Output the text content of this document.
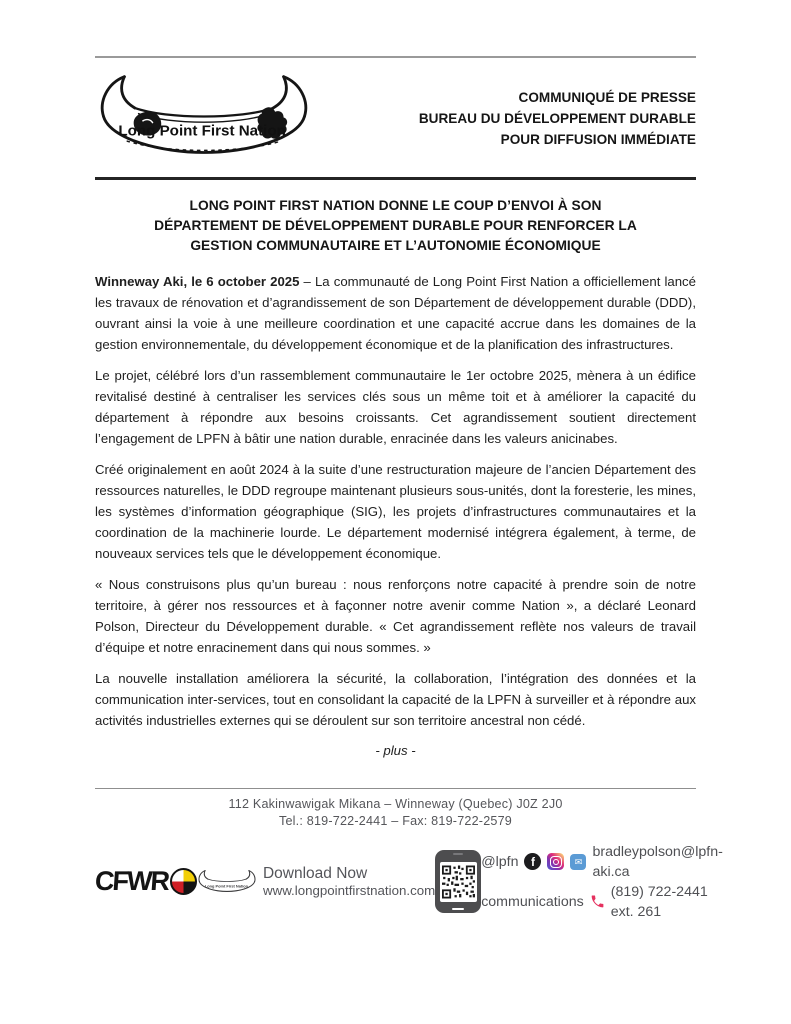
Long Point First Nation
COMMUNIQUÉ DE PRESSE
BUREAU DU DÉVELOPPEMENT DURABLE
POUR DIFFUSION IMMÉDIATE
LONG POINT FIRST NATION DONNE LE COUP D’ENVOI À SON
DÉPARTEMENT DE DÉVELOPPEMENT DURABLE POUR RENFORCER LA
GESTION COMMUNAUTAIRE ET L’AUTONOMIE ÉCONOMIQUE

Winneway Aki, le 6 october 2025 – La communauté de Long Point First Nation a officiellement lancé les travaux de rénovation et d’agrandissement de son Département de développement durable (DDD), ouvrant ainsi la voie à une meilleure coordination et une capacité accrue dans les domaines de la gestion environnementale, du développement économique et de la planification des infrastructures.

Le projet, célébré lors d’un rassemblement communautaire le 1er octobre 2025, mènera à un édifice revitalisé destiné à centraliser les services clés sous un même toit et à améliorer la capacité du département à répondre aux besoins croissants. Cet agrandissement soutient directement l’engagement de LPFN à bâtir une nation durable, enracinée dans les valeurs anicinabes.

Créé originalement en août 2024 à la suite d’une restructuration majeure de l’ancien Département des ressources naturelles, le DDD regroupe maintenant plusieurs sous-unités, dont la foresterie, les mines, les systèmes d’information géographique (SIG), les projets d’infrastructures communautaires et la coordination de la machinerie lourde. Le département modernisé intégrera également, à terme, de nouveaux services tels que le développement économique.

« Nous construisons plus qu’un bureau : nous renforçons notre capacité à prendre soin de notre territoire, à gérer nos ressources et à façonner notre avenir comme Nation », a déclaré Leonard Polson, Directeur du Développement durable. « Cet agrandissement reflète nos valeurs de travail d’équipe et notre enracinement dans qui nous sommes. »

La nouvelle installation améliorera la sécurité, la collaboration, l’intégration des données et la communication inter-services, tout en consolidant la capacité de la LPFN à surveiller et à répondre aux activités industrielles externes qui se déroulent sur son territoire ancestral non cédé.

- plus -
112 Kakinwawigak Mikana – Winneway (Quebec) J0Z 2J0
Tel.: 819-722-2441 – Fax: 819-722-2579
CFWR Long Point First Nation
Download Now
www.longpointfirstnation.com
@lpfn f	✉
bradleypolson@lpfn-aki.ca
communications
(819) 722-2441 ext. 261
